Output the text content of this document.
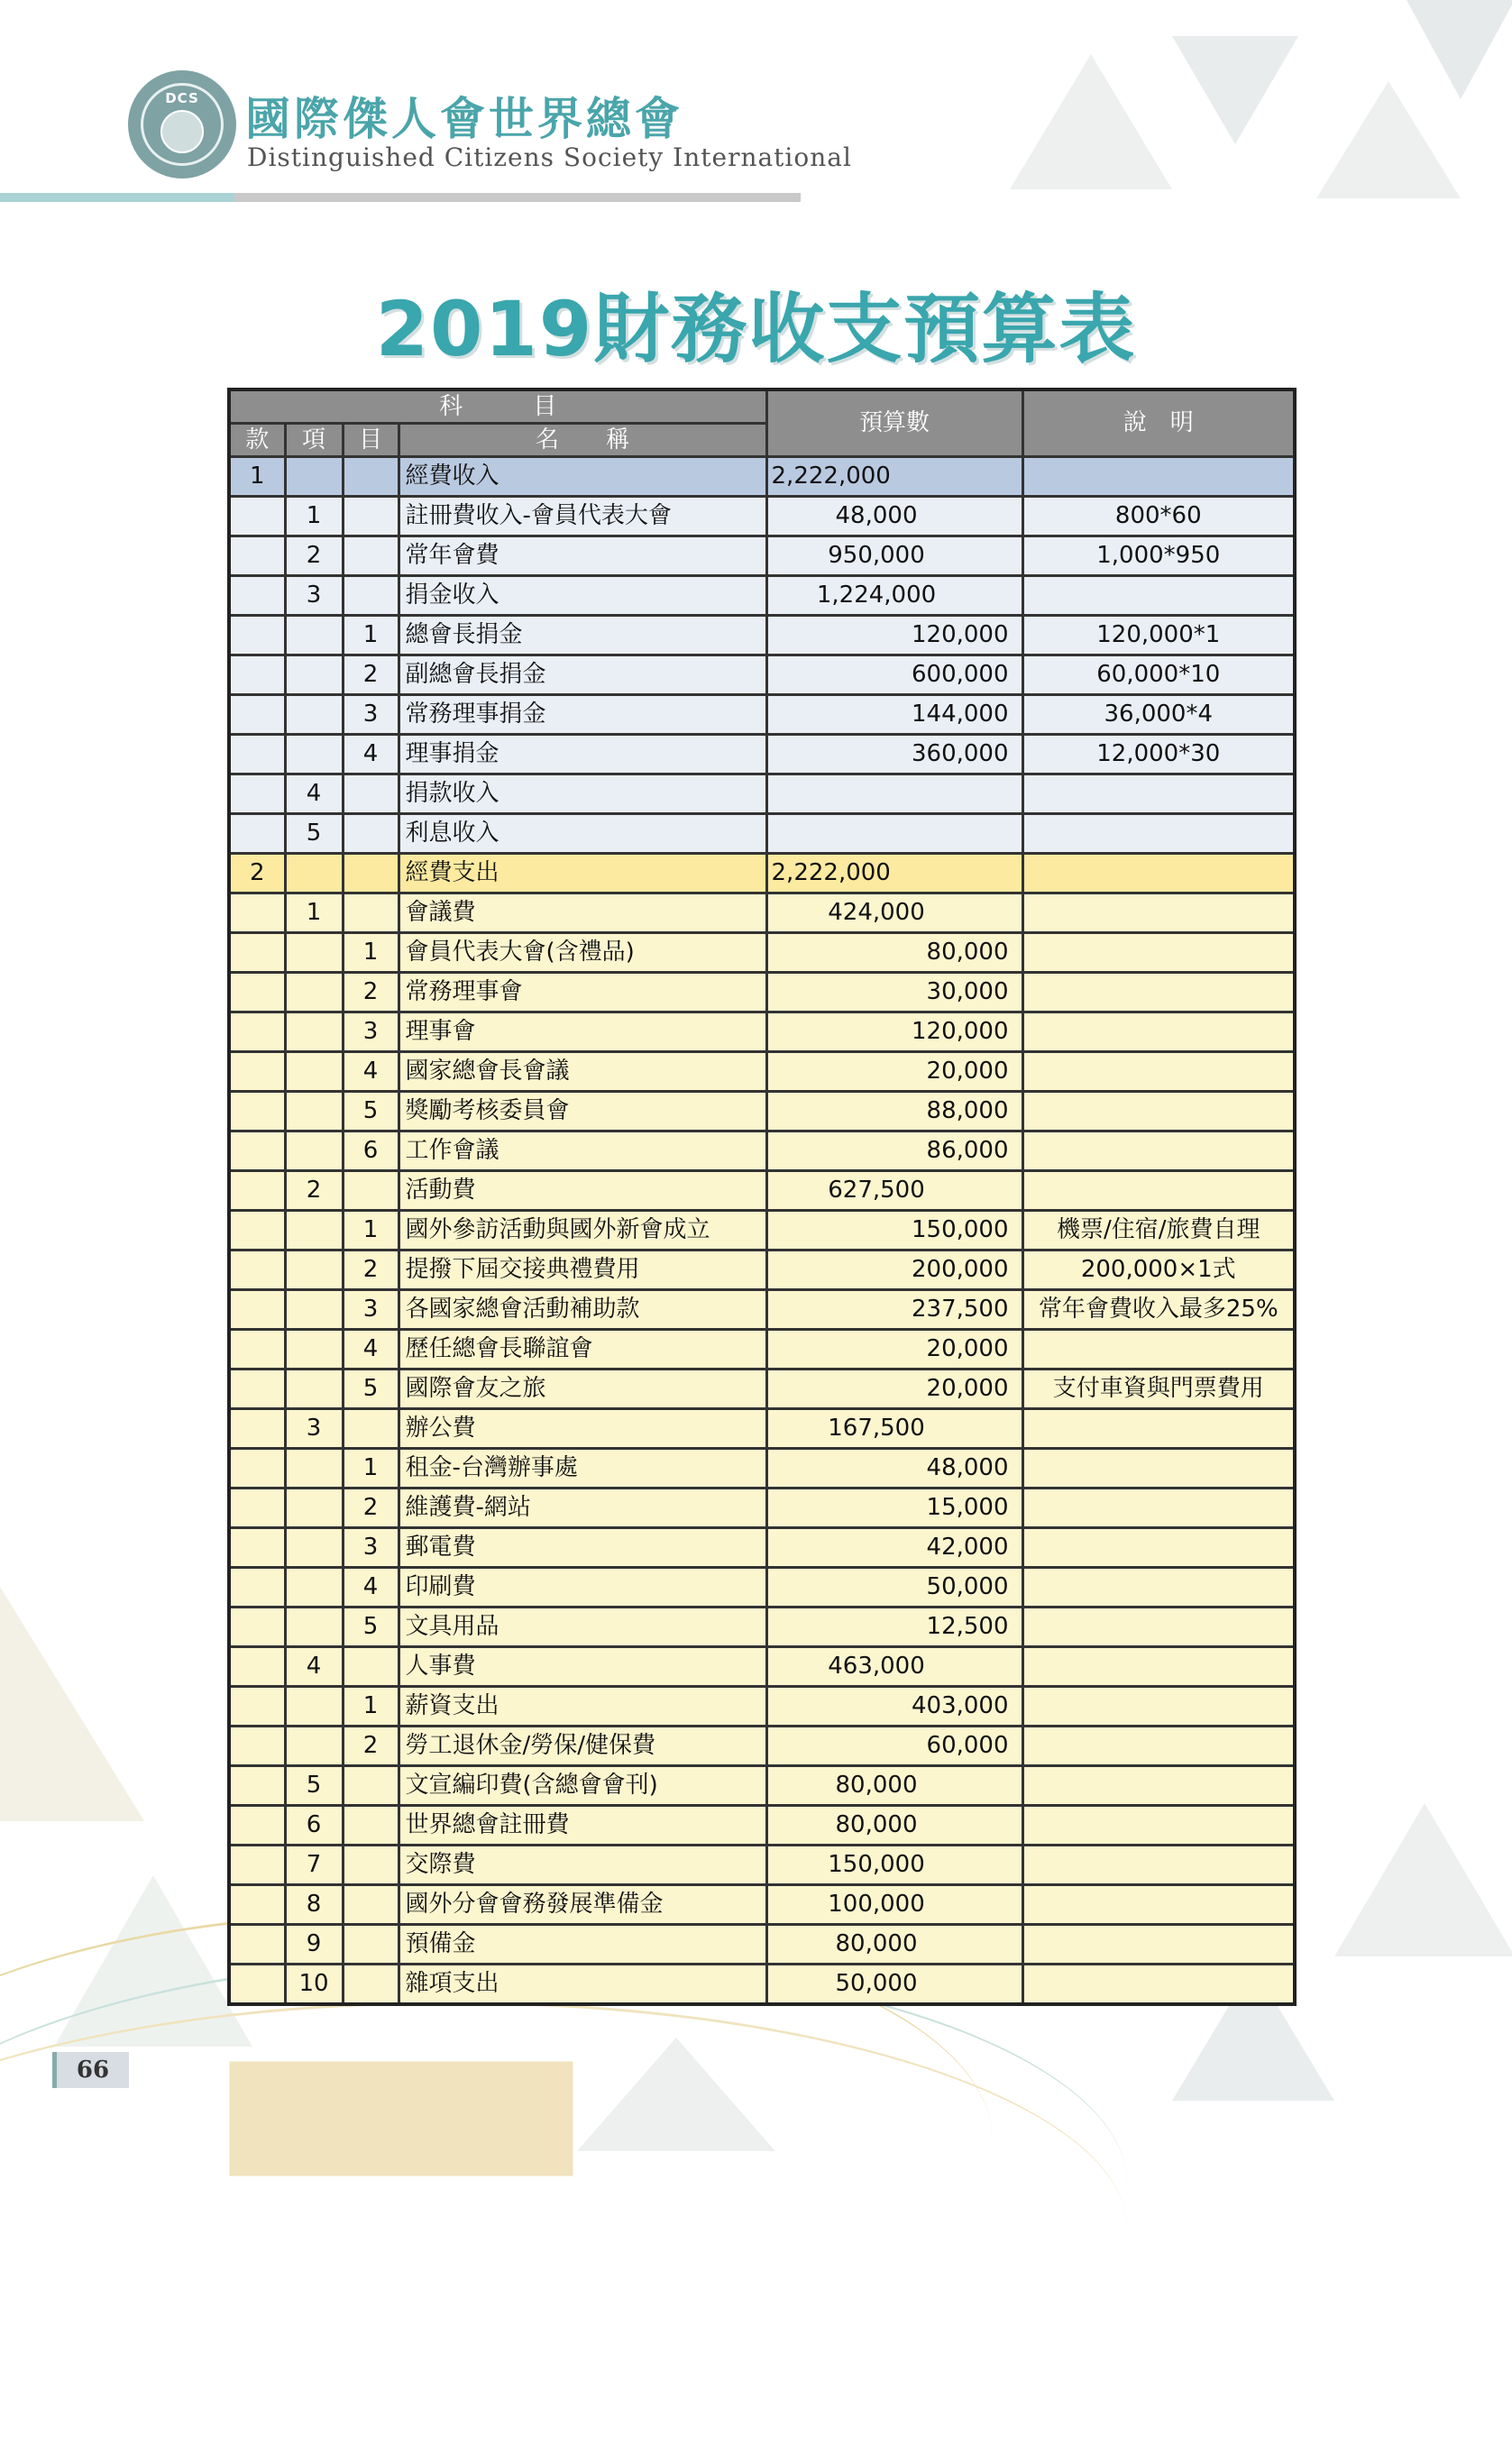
DCS	國際傑人會世界總會
Distinguished Citizens Society International
2019財務收支預算表
科　　　目				預算數	說　明
款	項	目	名　　稱		
1			經費收入	2,222,000	
	1		註冊費收入-會員代表大會	48,000	800*60
	2		常年會費	950,000	1,000*950
	3		捐金收入	1,224,000	
		1	總會長捐金	120,000	120,000*1
		2	副總會長捐金	600,000	60,000*10
		3	常務理事捐金	144,000	36,000*4
		4	理事捐金	360,000	12,000*30
	4		捐款收入		
	5		利息收入		
2			經費支出	2,222,000	
	1		會議費	424,000	
		1	會員代表大會(含禮品)	80,000	
		2	常務理事會	30,000	
		3	理事會	120,000	
		4	國家總會長會議	20,000	
		5	獎勵考核委員會	88,000	
		6	工作會議	86,000	
	2		活動費	627,500	
		1	國外參訪活動與國外新會成立	150,000	機票/住宿/旅費自理
		2	提撥下屆交接典禮費用	200,000	200,000×1式
		3	各國家總會活動補助款	237,500	常年會費收入最多25%
		4	歷任總會長聯誼會	20,000	
		5	國際會友之旅	20,000	支付車資與門票費用
	3		辦公費	167,500	
		1	租金-台灣辦事處	48,000	
		2	維護費-網站	15,000	
		3	郵電費	42,000	
		4	印刷費	50,000	
		5	文具用品	12,500	
	4		人事費	463,000	
		1	薪資支出	403,000	
		2	勞工退休金/勞保/健保費	60,000	
	5		文宣編印費(含總會會刊)	80,000	
	6		世界總會註冊費	80,000	
	7		交際費	150,000	
	8		國外分會會務發展準備金	100,000	
	9		預備金	80,000	
	10		雜項支出	50,000	
66
